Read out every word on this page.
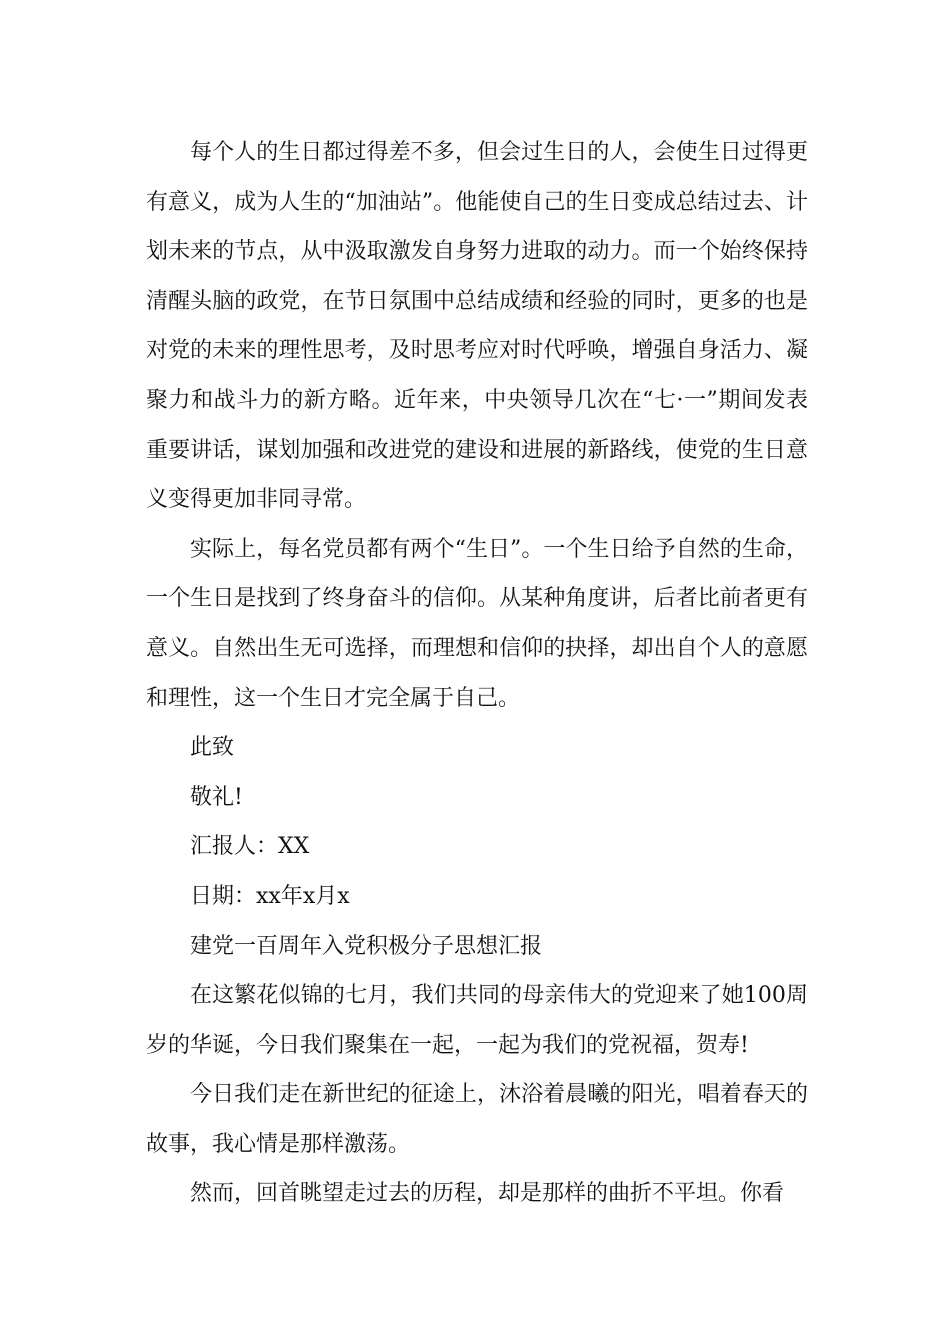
每个人的生日都过得差不多，但会过生日的人，会使生日过得更有意义，成为人生的“加油站”。他能使自己的生日变成总结过去、计划未来的节点，从中汲取激发自身努力进取的动力。而一个始终保持清醒头脑的政党，在节日氛围中总结成绩和经验的同时，更多的也是对党的未来的理性思考，及时思考应对时代呼唤，增强自身活力、凝聚力和战斗力的新方略。近年来，中央领导几次在“七·一”期间发表重要讲话，谋划加强和改进党的建设和进展的新路线，使党的生日意义变得更加非同寻常。

实际上，每名党员都有两个“生日”。一个生日给予自然的生命，一个生日是找到了终身奋斗的信仰。从某种角度讲，后者比前者更有意义。自然出生无可选择，而理想和信仰的抉择，却出自个人的意愿和理性，这一个生日才完全属于自己。

此致

敬礼!

汇报人：XX

日期：xx年x月x

建党一百周年入党积极分子思想汇报

在这繁花似锦的七月，我们共同的母亲伟大的党迎来了她100周岁的华诞，今日我们聚集在一起，一起为我们的党祝福，贺寿!

今日我们走在新世纪的征途上，沐浴着晨曦的阳光，唱着春天的故事，我心情是那样激荡。

然而，回首眺望走过去的历程，却是那样的曲折不平坦。你看
